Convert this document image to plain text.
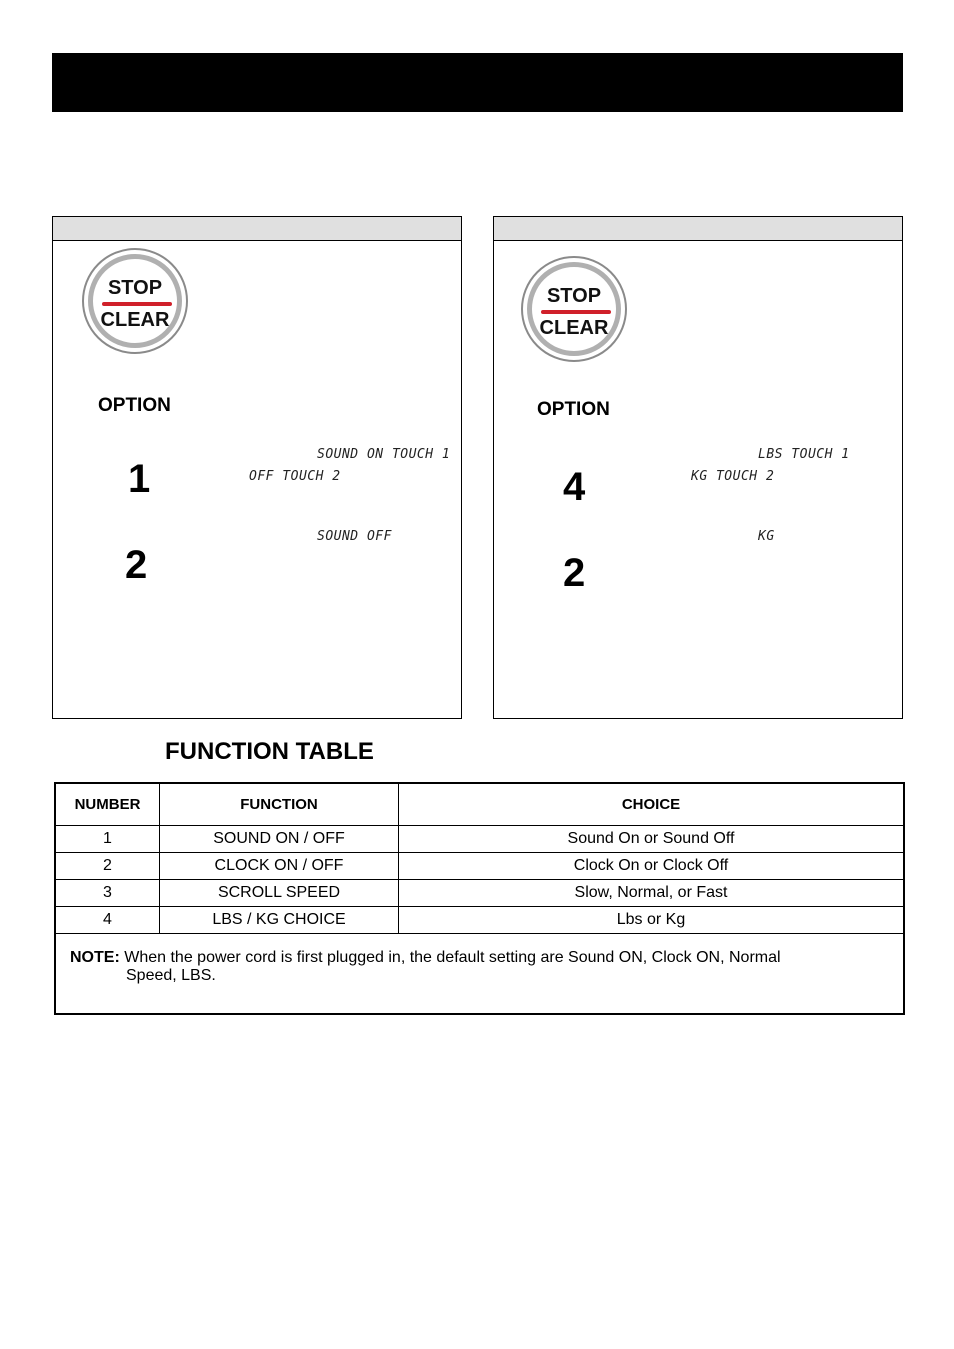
STOP
CLEAR
OPTION
1
2
SOUND ON TOUCH 1
OFF TOUCH 2
SOUND OFF
STOP
CLEAR
OPTION
4
2
LBS TOUCH 1
KG TOUCH 2
KG
FUNCTION TABLE
NUMBER	FUNCTION	CHOICE
1	SOUND ON / OFF	Sound On or Sound Off
2	CLOCK ON / OFF	Clock On or Clock Off
3	SCROLL SPEED	Slow, Normal, or Fast
4	LBS / KG CHOICE	Lbs or Kg
NOTE: When the power cord is first plugged in, the default setting are Sound ON, Clock ON, Normal
Speed, LBS.
